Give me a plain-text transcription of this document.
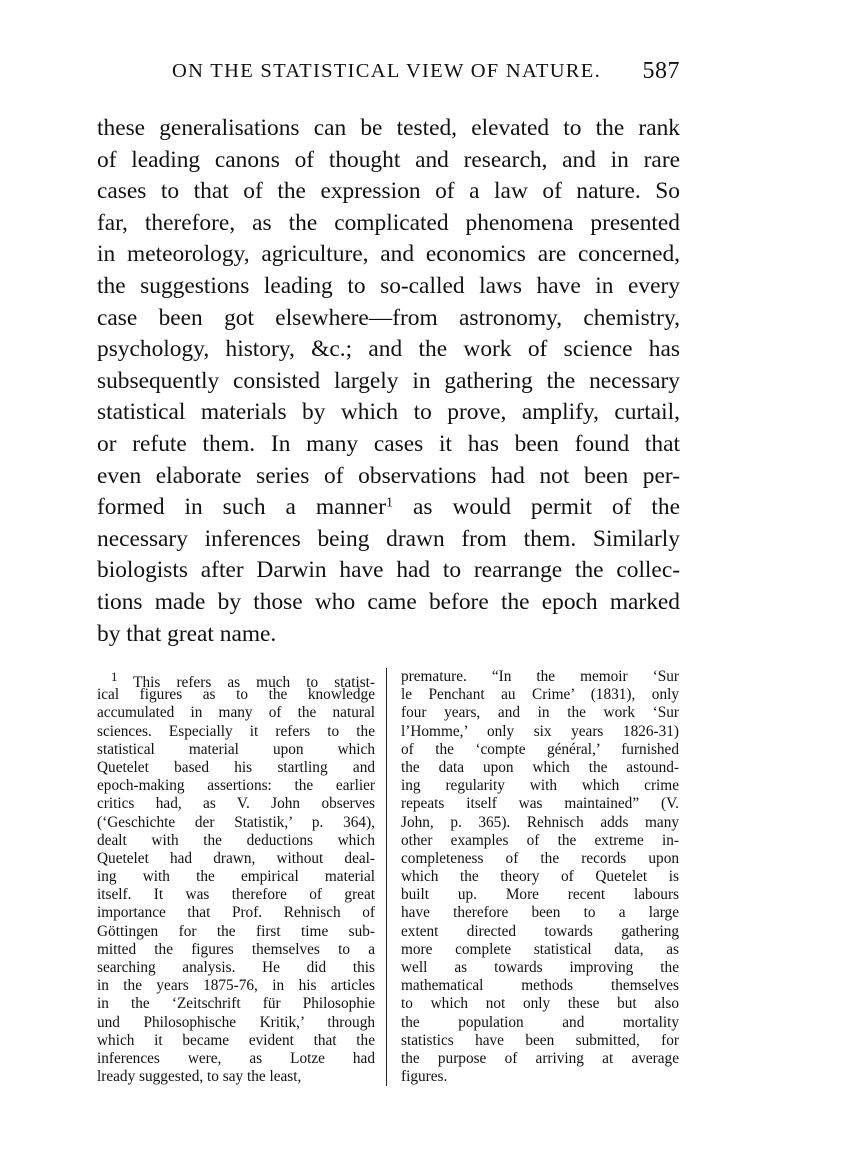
ON THE STATISTICAL VIEW OF NATURE. 587
these generalisations can be tested, elevated to the rank
of leading canons of thought and research, and in rare
cases to that of the expression of a law of nature. So
far, therefore, as the complicated phenomena presented
in meteorology, agriculture, and economics are concerned,
the suggestions leading to so-called laws have in every
case been got elsewhere—from astronomy, chemistry,
psychology, history, &c.; and the work of science has
subsequently consisted largely in gathering the necessary
statistical materials by which to prove, amplify, curtail,
or refute them. In many cases it has been found that
even elaborate series of observations had not been per-
formed in such a manner$^1$ as would permit of the
necessary inferences being drawn from them. Similarly
biologists after Darwin have had to rearrange the collec-
tions made by those who came before the epoch marked
by that great name.
$^1$ This refers as much to statist-
ical figures as to the knowledge
accumulated in many of the natural
sciences. Especially it refers to the
statistical material upon which
Quetelet based his startling and
epoch-making assertions: the earlier
critics had, as V. John observes
(‘Geschichte der Statistik,’ p. 364),
dealt with the deductions which
Quetelet had drawn, without deal-
ing with the empirical material
itself. It was therefore of great
importance that Prof. Rehnisch of
Göttingen for the first time sub-
mitted the figures themselves to a
searching analysis. He did this
in the years 1875-76, in his articles
in the ‘Zeitschrift für Philosophie
und Philosophische Kritik,’ through
which it became evident that the
inferences were, as Lotze had
lready suggested, to say the least,
premature. “In the memoir ‘Sur
le Penchant au Crime’ (1831), only
four years, and in the work ‘Sur
l’Homme,’ only six years 1826-31)
of the ‘compte général,’ furnished
the data upon which the astound-
ing regularity with which crime
repeats itself was maintained” (V.
John, p. 365). Rehnisch adds many
other examples of the extreme in-
completeness of the records upon
which the theory of Quetelet is
built up. More recent labours
have therefore been to a large
extent directed towards gathering
more complete statistical data, as
well as towards improving the
mathematical methods themselves
to which not only these but also
the population and mortality
statistics have been submitted, for
the purpose of arriving at average
figures.
